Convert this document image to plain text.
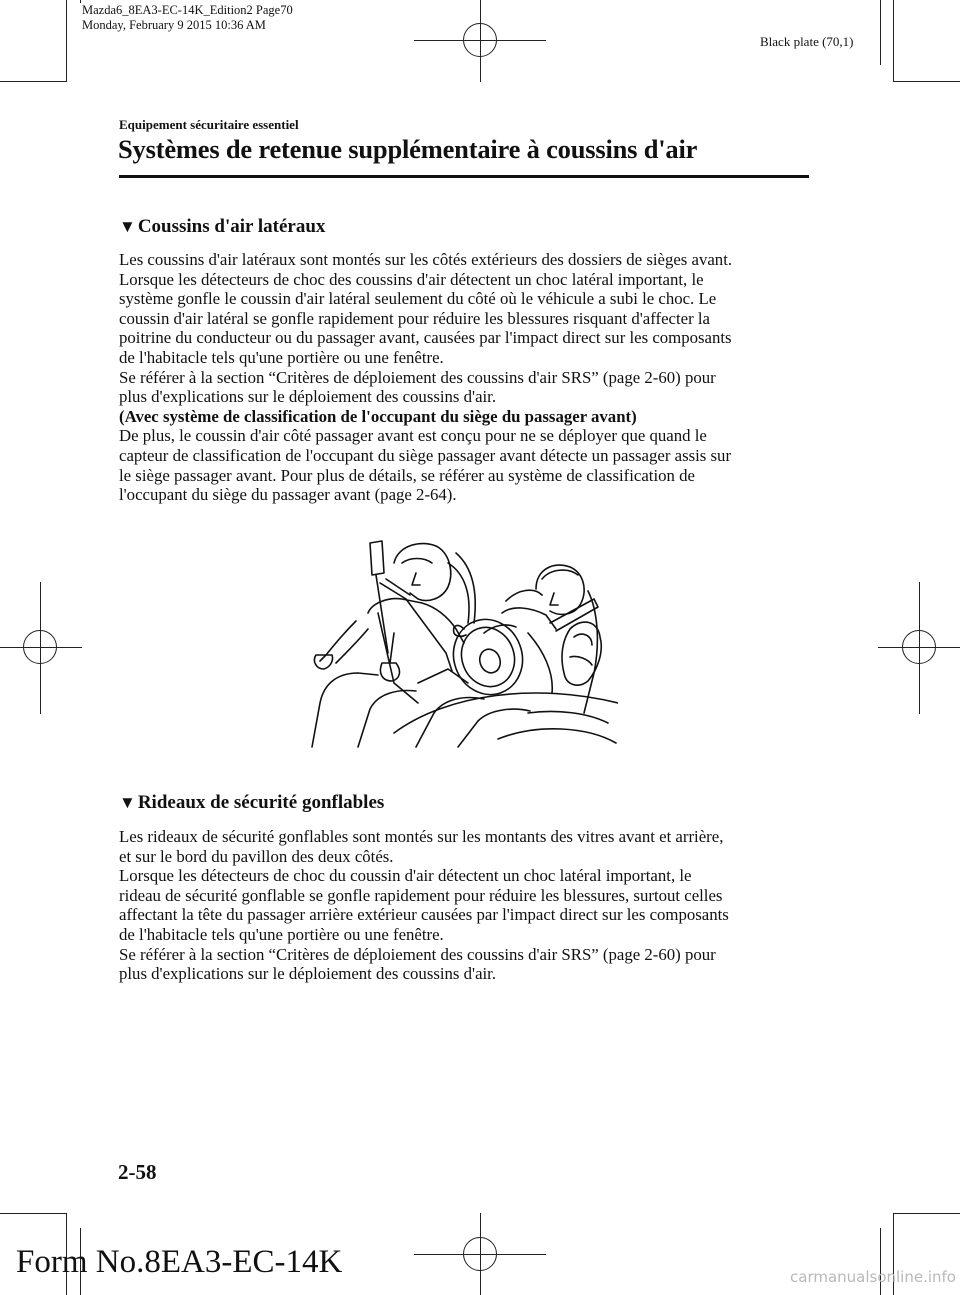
Mazda6_8EA3-EC-14K_Edition2 Page70
Monday, February 9 2015 10:36 AM
Black plate (70,1)
Equipement sécuritaire essentiel
Systèmes de retenue supplémentaire à coussins d'air
▼ Coussins d'air latéraux

Les coussins d'air latéraux sont montés sur les côtés extérieurs des dossiers de sièges avant.

Lorsque les détecteurs de choc des coussins d'air détectent un choc latéral important, le

système gonfle le coussin d'air latéral seulement du côté où le véhicule a subi le choc. Le

coussin d'air latéral se gonfle rapidement pour réduire les blessures risquant d'affecter la

poitrine du conducteur ou du passager avant, causées par l'impact direct sur les composants

de l'habitacle tels qu'une portière ou une fenêtre.

Se référer à la section “Critères de déploiement des coussins d'air SRS” (page 2-60) pour

plus d'explications sur le déploiement des coussins d'air.

(Avec système de classification de l'occupant du siège du passager avant)

De plus, le coussin d'air côté passager avant est conçu pour ne se déployer que quand le

capteur de classification de l'occupant du siège passager avant détecte un passager assis sur

le siège passager avant. Pour plus de détails, se référer au système de classification de

l'occupant du siège du passager avant (page 2-64).

▼ Rideaux de sécurité gonflables

Les rideaux de sécurité gonflables sont montés sur les montants des vitres avant et arrière,

et sur le bord du pavillon des deux côtés.

Lorsque les détecteurs de choc du coussin d'air détectent un choc latéral important, le

rideau de sécurité gonflable se gonfle rapidement pour réduire les blessures, surtout celles

affectant la tête du passager arrière extérieur causées par l'impact direct sur les composants

de l'habitacle tels qu'une portière ou une fenêtre.

Se référer à la section “Critères de déploiement des coussins d'air SRS” (page 2-60) pour

plus d'explications sur le déploiement des coussins d'air.

2-58
Form No.8EA3-EC-14K	carmanualsonline.info
